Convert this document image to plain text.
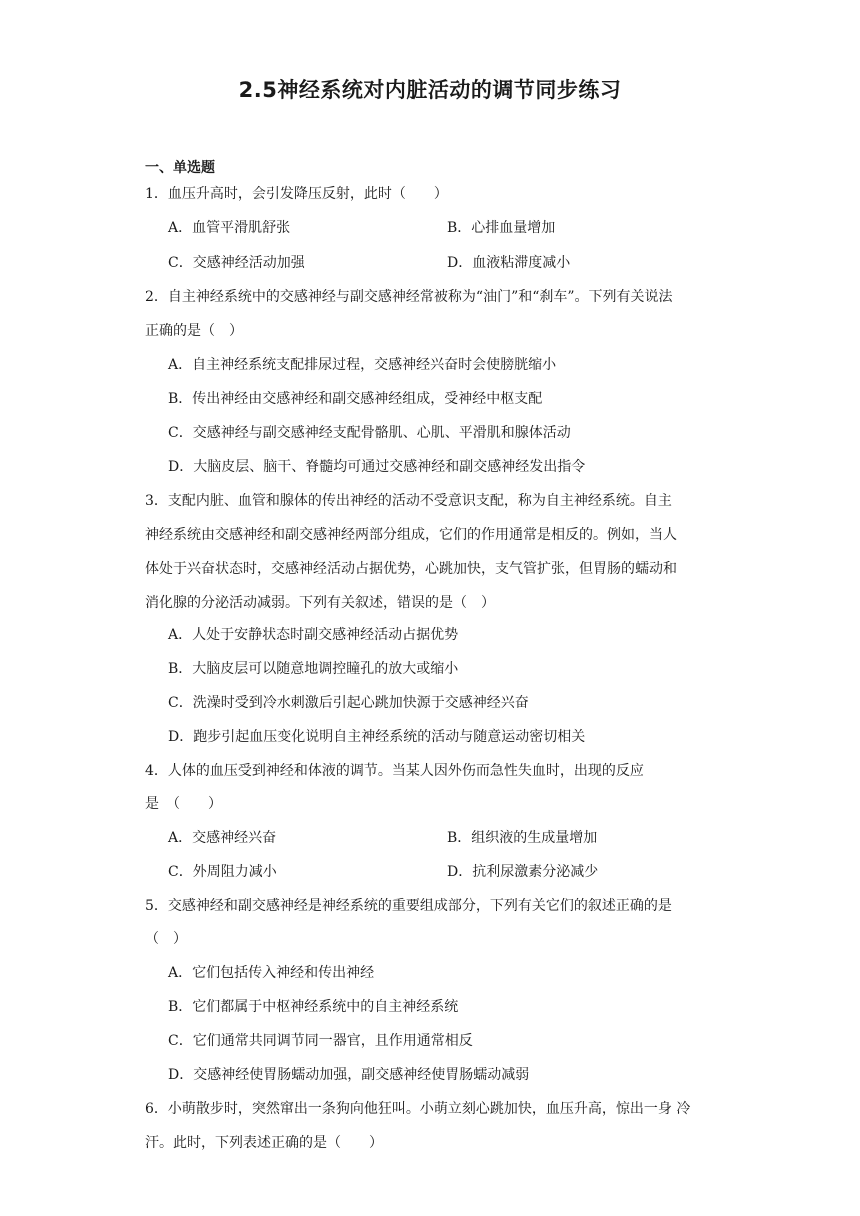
2.5神经系统对内脏活动的调节同步练习
一、单选题
1．血压升高时，会引发降压反射，此时（　　）
A．血管平滑肌舒张	B．心排血量增加
C．交感神经活动加强	D．血液粘滞度减小
2．自主神经系统中的交感神经与副交感神经常被称为“油门”和“刹车”。下列有关说法
正确的是（　）
A．自主神经系统支配排尿过程，交感神经兴奋时会使膀胱缩小
B．传出神经由交感神经和副交感神经组成，受神经中枢支配
C．交感神经与副交感神经支配骨骼肌、心肌、平滑肌和腺体活动
D．大脑皮层、脑干、脊髓均可通过交感神经和副交感神经发出指令
3．支配内脏、血管和腺体的传出神经的活动不受意识支配，称为自主神经系统。自主
神经系统由交感神经和副交感神经两部分组成，它们的作用通常是相反的。例如，当人
体处于兴奋状态时，交感神经活动占据优势，心跳加快，支气管扩张，但胃肠的蠕动和
消化腺的分泌活动减弱。下列有关叙述，错误的是（　）
A．人处于安静状态时副交感神经活动占据优势
B．大脑皮层可以随意地调控瞳孔的放大或缩小
C．洗澡时受到冷水刺激后引起心跳加快源于交感神经兴奋
D．跑步引起血压变化说明自主神经系统的活动与随意运动密切相关
4．人体的血压受到神经和体液的调节。当某人因外伤而急性失血时，出现的反应
是　（　　）
A．交感神经兴奋	B．组织液的生成量增加
C．外周阻力减小	D．抗利尿激素分泌减少
5．交感神经和副交感神经是神经系统的重要组成部分，下列有关它们的叙述正确的是
（　）
A．它们包括传入神经和传出神经
B．它们都属于中枢神经系统中的自主神经系统
C．它们通常共同调节同一器官，且作用通常相反
D．交感神经使胃肠蠕动加强，副交感神经使胃肠蠕动减弱
6．小萌散步时，突然窜出一条狗向他狂叫。小萌立刻心跳加快，血压升高，惊出一身 冷
汗。此时，下列表述正确的是（　　）
